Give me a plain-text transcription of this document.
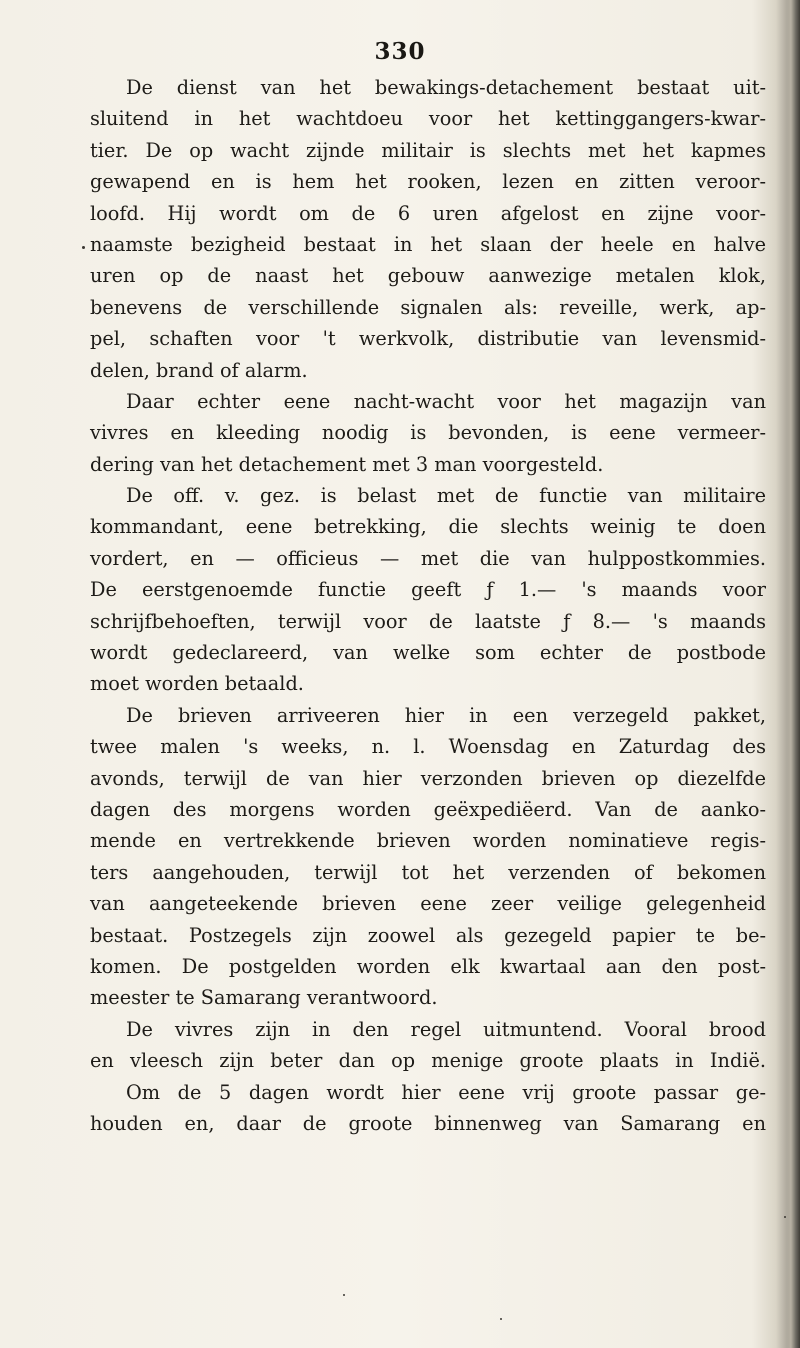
330
De dienst van het bewakings-detachement bestaat uit-
sluitend in het wachtdoeu voor het kettinggangers-kwar-
tier. De op wacht zijnde militair is slechts met het kapmes
gewapend en is hem het rooken, lezen en zitten veroor-
loofd. Hij wordt om de 6 uren afgelost en zijne voor-
naamste bezigheid bestaat in het slaan der heele en halve
uren op de naast het gebouw aanwezige metalen klok,
benevens de verschillende signalen als: reveille, werk, ap-
pel, schaften voor 't werkvolk, distributie van levensmid-
delen, brand of alarm.
Daar echter eene nacht-wacht voor het magazijn van
vivres en kleeding noodig is bevonden, is eene vermeer-
dering van het detachement met 3 man voorgesteld.
De off. v. gez. is belast met de functie van militaire
kommandant, eene betrekking, die slechts weinig te doen
vordert, en — officieus — met die van hulppostkommies.
De eerstgenoemde functie geeft ƒ 1.— 's maands voor
schrijfbehoeften, terwijl voor de laatste ƒ 8.— 's maands
wordt gedeclareerd, van welke som echter de postbode
moet worden betaald.
De brieven arriveeren hier in een verzegeld pakket,
twee malen 's weeks, n. l. Woensdag en Zaturdag des
avonds, terwijl de van hier verzonden brieven op diezelfde
dagen des morgens worden geëxpediëerd. Van de aanko-
mende en vertrekkende brieven worden nominatieve regis-
ters aangehouden, terwijl tot het verzenden of bekomen
van aangeteekende brieven eene zeer veilige gelegenheid
bestaat. Postzegels zijn zoowel als gezegeld papier te be-
komen. De postgelden worden elk kwartaal aan den post-
meester te Samarang verantwoord.
De vivres zijn in den regel uitmuntend. Vooral brood
en vleesch zijn beter dan op menige groote plaats in Indië.
Om de 5 dagen wordt hier eene vrij groote passar ge-
houden en, daar de groote binnenweg van Samarang en
